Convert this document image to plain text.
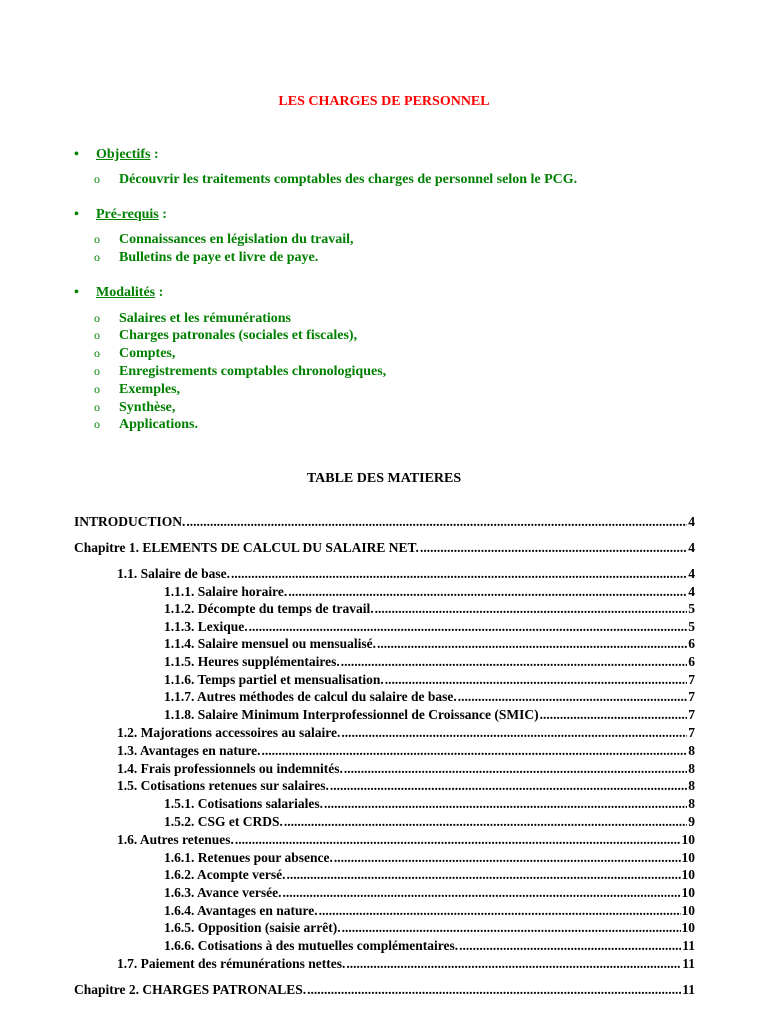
LES CHARGES DE PERSONNEL
• Objectifs :
o Découvrir les traitements comptables des charges de personnel selon le PCG.
• Pré-requis :
o Connaissances en législation du travail,
o Bulletins de paye et livre de paye.
• Modalités :
o Salaires et les rémunérations
o Charges patronales (sociales et fiscales),
o Comptes,
o Enregistrements comptables chronologiques,
o Exemples,
o Synthèse,
o Applications.
TABLE DES MATIERES
INTRODUCTION. .....	4
Chapitre 1. ELEMENTS DE CALCUL DU SALAIRE NET. .....	4
1.1. Salaire de base. .....	4
1.1.1. Salaire horaire. .....	4
1.1.2. Décompte du temps de travail. .....	5
1.1.3. Lexique. .....	5
1.1.4. Salaire mensuel ou mensualisé. .....	6
1.1.5. Heures supplémentaires. .....	6
1.1.6. Temps partiel et mensualisation. .....	7
1.1.7. Autres méthodes de calcul du salaire de base. .....	7
1.1.8. Salaire Minimum Interprofessionnel de Croissance (SMIC) .....	7
1.2. Majorations accessoires au salaire. .....	7
1.3. Avantages en nature. .....	8
1.4. Frais professionnels ou indemnités. .....	8
1.5. Cotisations retenues sur salaires. .....	8
1.5.1. Cotisations salariales. .....	8
1.5.2. CSG et CRDS. .....	9
1.6. Autres retenues. .....	10
1.6.1. Retenues pour absence. .....	10
1.6.2. Acompte versé. .....	10
1.6.3. Avance versée. .....	10
1.6.4. Avantages en nature. .....	10
1.6.5. Opposition (saisie arrêt). .....	10
1.6.6. Cotisations à des mutuelles complémentaires. .....	11
1.7. Paiement des rémunérations nettes. .....	11
Chapitre 2. CHARGES PATRONALES. .....	11
